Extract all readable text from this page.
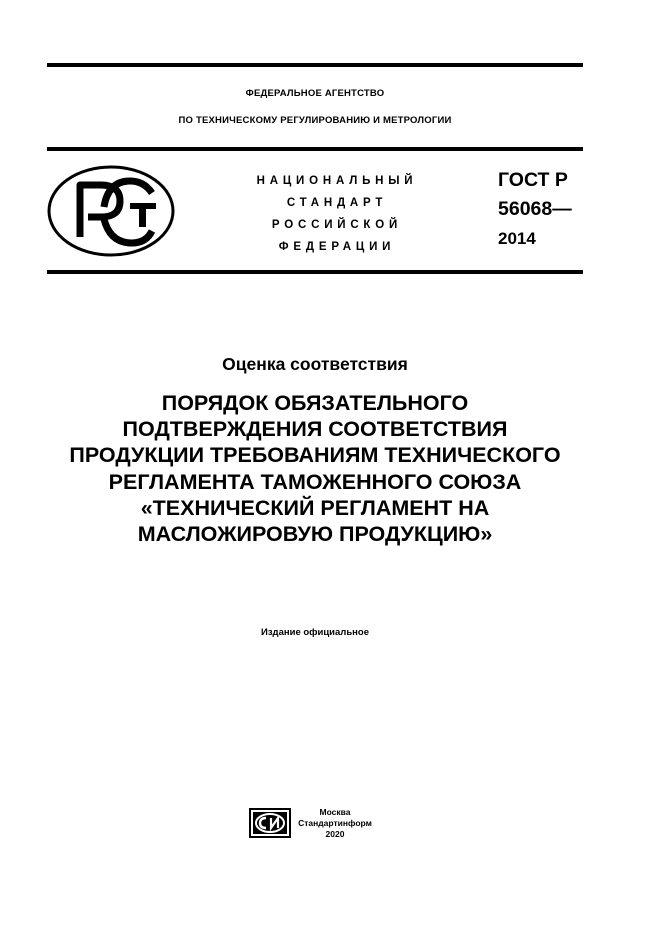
ФЕДЕРАЛЬНОЕ АГЕНТСТВО
ПО ТЕХНИЧЕСКОМУ РЕГУЛИРОВАНИЮ И МЕТРОЛОГИИ
НАЦИОНАЛЬНЫЙ
СТАНДАРТ
РОССИЙСКОЙ
ФЕДЕРАЦИИ
ГОСТ Р
56068—
2014
Оценка соответствия
ПОРЯДОК ОБЯЗАТЕЛЬНОГО
ПОДТВЕРЖДЕНИЯ СООТВЕТСТВИЯ
ПРОДУКЦИИ ТРЕБОВАНИЯМ ТЕХНИЧЕСКОГО
РЕГЛАМЕНТА ТАМОЖЕННОГО СОЮЗА
«ТЕХНИЧЕСКИЙ РЕГЛАМЕНТ НА
МАСЛОЖИРОВУЮ ПРОДУКЦИЮ»
Издание официальное
Москва
Стандартинформ
2020
